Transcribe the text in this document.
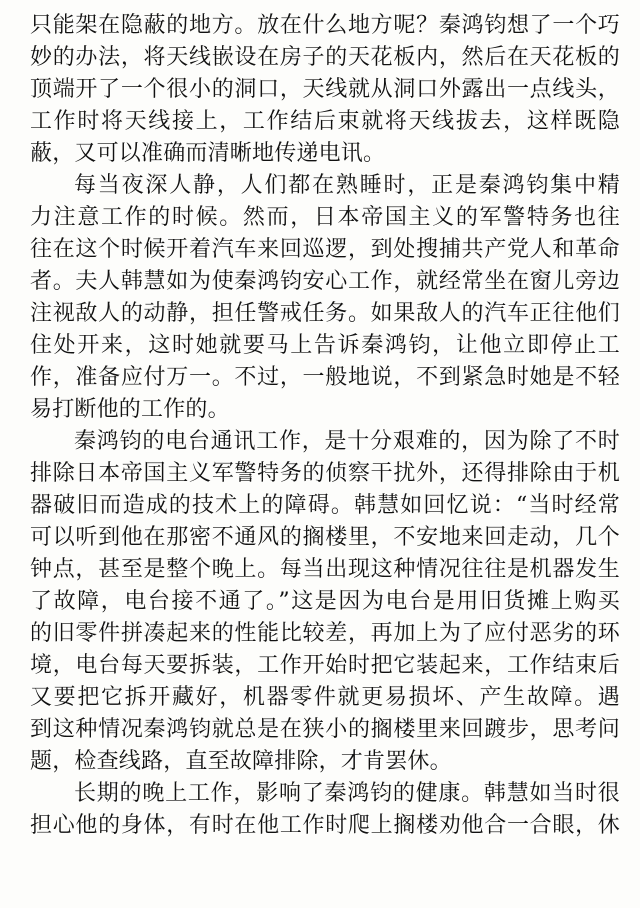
只能架在隐蔽的地方。放在什么地方呢？秦鸿钧想了一个巧
妙的办法，将天线嵌设在房子的天花板内，然后在天花板的
顶端开了一个很小的洞口，天线就从洞口外露出一点线头，
工作时将天线接上，工作结后束就将天线拔去，这样既隐
蔽，又可以准确而清晰地传递电讯。
每当夜深人静，人们都在熟睡时，正是秦鸿钧集中精
力注意工作的时候。然而，日本帝国主义的军警特务也往
往在这个时候开着汽车来回巡逻，到处搜捕共产党人和革命
者。夫人韩慧如为使秦鸿钧安心工作，就经常坐在窗儿旁边
注视敌人的动静，担任警戒任务。如果敌人的汽车正往他们
住处开来，这时她就要马上告诉秦鸿钧，让他立即停止工
作，准备应付万一。不过，一般地说，不到紧急时她是不轻
易打断他的工作的。
秦鸿钧的电台通讯工作，是十分艰难的，因为除了不时
排除日本帝国主义军警特务的侦察干扰外，还得排除由于机
器破旧而造成的技术上的障碍。韩慧如回忆说：“当时经常
可以听到他在那密不通风的搁楼里，不安地来回走动，几个
钟点，甚至是整个晚上。每当出现这种情况往往是机器发生
了故障，电台接不通了。”这是因为电台是用旧货摊上购买
的旧零件拼凑起来的性能比较差，再加上为了应付恶劣的环
境，电台每天要拆装，工作开始时把它装起来，工作结束后
又要把它拆开藏好，机器零件就更易损坏、产生故障。遇
到这种情况秦鸿钧就总是在狭小的搁楼里来回踱步，思考问
题，检查线路，直至故障排除，才肯罢休。
长期的晚上工作，影响了秦鸿钧的健康。韩慧如当时很
担心他的身体，有时在他工作时爬上搁楼劝他合一合眼，休
